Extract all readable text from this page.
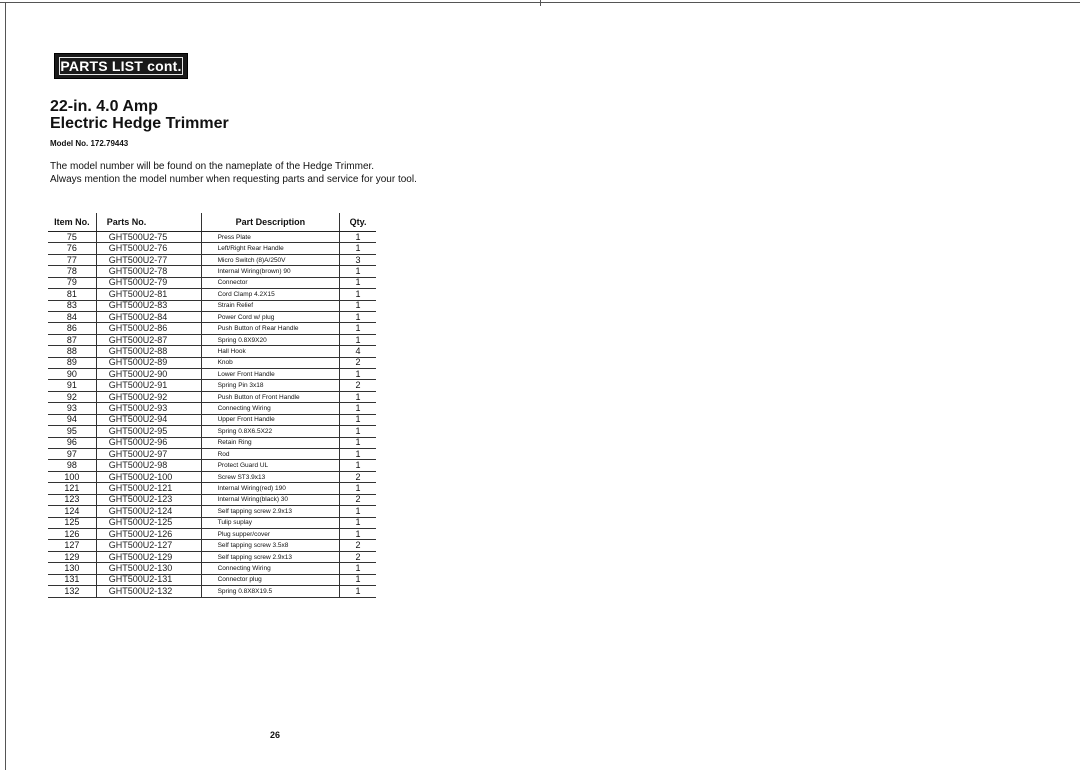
PARTS LIST cont.
22-in. 4.0 Amp
Electric Hedge Trimmer
Model No. 172.79443
The model number will be found on the nameplate of the Hedge Trimmer.
Always mention the model number when requesting parts and service for your tool.
Item No.	Parts No.	Part Description	Qty.
75	GHT500U2-75	Press Plate	1
76	GHT500U2-76	Left/Right Rear Handle	1
77	GHT500U2-77	Micro Switch (8)A/250V	3
78	GHT500U2-78	Internal Wiring(brown) 90	1
79	GHT500U2-79	Connector	1
81	GHT500U2-81	Cord Clamp 4.2X15	1
83	GHT500U2-83	Strain Relief	1
84	GHT500U2-84	Power Cord w/ plug	1
86	GHT500U2-86	Push Button of Rear Handle	1
87	GHT500U2-87	Spring 0.8X9X20	1
88	GHT500U2-88	Hall Hook	4
89	GHT500U2-89	Knob	2
90	GHT500U2-90	Lower Front Handle	1
91	GHT500U2-91	Spring Pin 3x18	2
92	GHT500U2-92	Push Button of Front Handle	1
93	GHT500U2-93	Connecting Wiring	1
94	GHT500U2-94	Upper Front Handle	1
95	GHT500U2-95	Spring 0.8X6.5X22	1
96	GHT500U2-96	Retain Ring	1
97	GHT500U2-97	Rod	1
98	GHT500U2-98	Protect Guard UL	1
100	GHT500U2-100	Screw ST3.9x13	2
121	GHT500U2-121	Internal Wiring(red) 190	1
123	GHT500U2-123	Internal Wiring(black) 30	2
124	GHT500U2-124	Self tapping screw 2.9x13	1
125	GHT500U2-125	Tulip suplay	1
126	GHT500U2-126	Plug supper/cover	1
127	GHT500U2-127	Self tapping screw 3.5x8	2
129	GHT500U2-129	Self tapping screw 2.9x13	2
130	GHT500U2-130	Connecting Wiring	1
131	GHT500U2-131	Connector plug	1
132	GHT500U2-132	Spring 0.8X8X19.5	1
26
